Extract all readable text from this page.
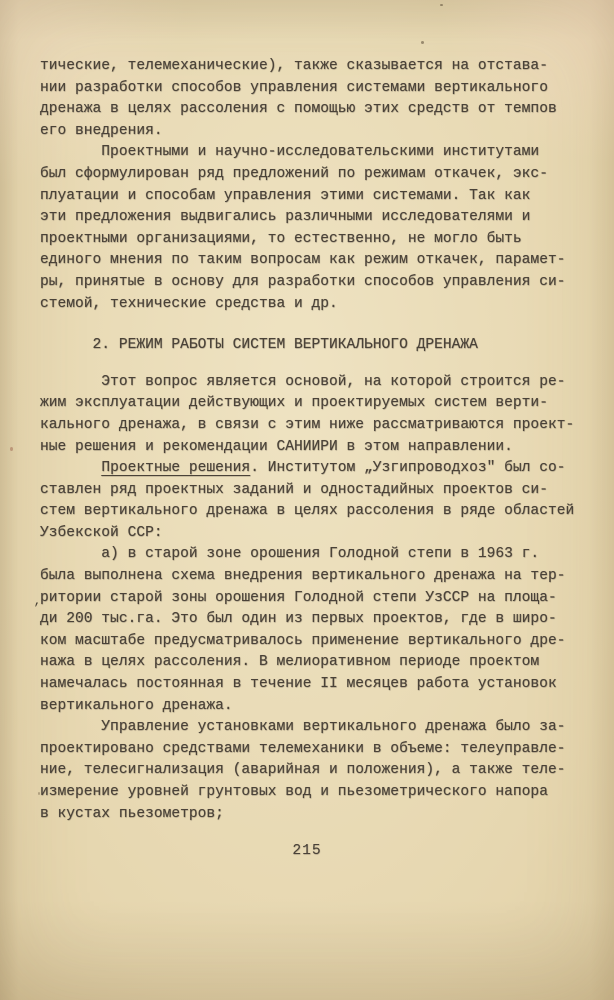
тические, телемеханические), также сказывается на отстава-
нии разработки способов управления системами вертикального
дренажа в целях рассоления с помощью этих средств от темпов
его внедрения.
Проектными и научно-исследовательскими институтами
был сформулирован ряд предложений по режимам откачек, экс-
плуатации и способам управления этими системами. Так как
эти предложения выдвигались различными исследователями и
проектными организациями, то естественно, не могло быть
единого мнения по таким вопросам как режим откачек, парамет-
ры, принятые в основу для разработки способов управления си-
стемой, технические средства и др.
2. РЕЖИМ РАБОТЫ СИСТЕМ ВЕРТИКАЛЬНОГО ДРЕНАЖА
Этот вопрос является основой, на которой строится ре-
жим эксплуатации действующих и проектируемых систем верти-
кального дренажа, в связи с этим ниже рассматриваются проект-
ные решения и рекомендации САНИИРИ в этом направлении.
Проектные решения. Институтом „Узгипроводхоз" был со-
ставлен ряд проектных заданий и одностадийных проектов си-
стем вертикального дренажа в целях рассоления в ряде областей
Узбекской ССР:
а) в старой зоне орошения Голодной степи в 1963 г.
была выполнена схема внедрения вертикального дренажа на тер-
ритории старой зоны орошения Голодной степи УзССР на площа-
ди 200 тыс.га. Это был один из первых проектов, где в широ-
ком масштабе предусматривалось применение вертикального дре-
нажа в целях рассоления. В мелиоративном периоде проектом
намечалась постоянная в течение II месяцев работа установок
вертикального дренажа.
Управление установками вертикального дренажа было за-
проектировано средствами телемеханики в объеме: телеуправле-
ние, телесигнализация (аварийная и положения), а также теле-
измерение уровней грунтовых вод и пьезометрического напора
в кустах пьезометров;
‚
215
